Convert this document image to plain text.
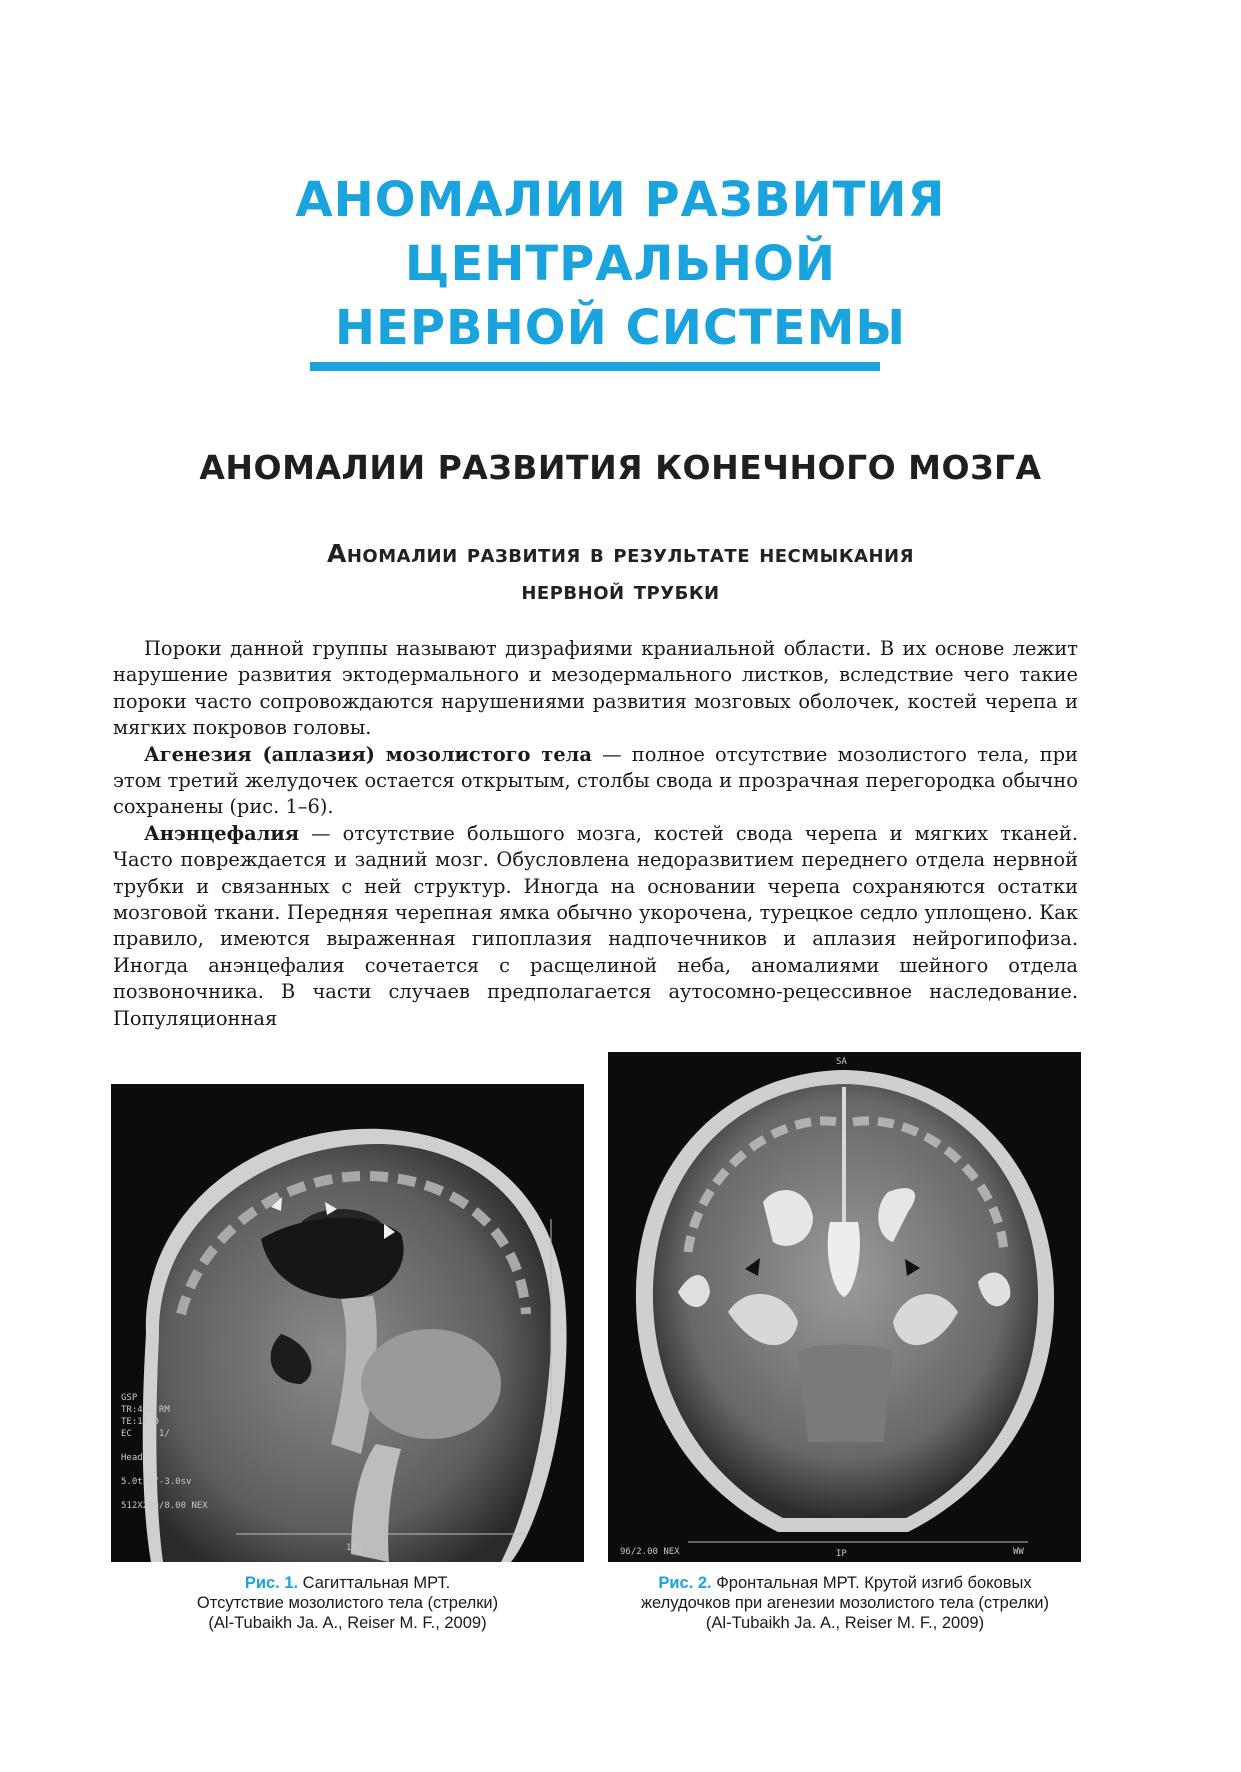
АНОМАЛИИ РАЗВИТИЯ
ЦЕНТРАЛЬНОЙ
НЕРВНОЙ СИСТЕМЫ
АНОМАЛИИ РАЗВИТИЯ КОНЕЧНОГО МОЗГА
Аномалии развития в результате несмыкания
нервной трубки

Пороки данной группы называют дизрафиями краниальной области. В их основе лежит нарушение развития эктодермального и мезодермального листков, вследствие чего такие пороки часто сопровождаются нарушениями развития мозговых оболочек, костей черепа и мягких покровов головы.

Агенезия (аплазия) мозолистого тела — полное отсутствие мозолистого тела, при этом третий желудочек остается открытым, столбы свода и прозрачная перегородка обычно сохранены (рис. 1–6).

Анэнцефалия — отсутствие большого мозга, костей свода черепа и мягких тканей. Часто повреждается и задний мозг. Обусловлена недоразвитием переднего отдела нервной трубки и связанных с ней структур. Иногда на основании черепа сохраняются остатки мозговой ткани. Передняя черепная ямка обычно укорочена, турецкое седло уплощено. Как правило, имеются выраженная гипоплазия надпочечников и аплазия нейрогипофиза. Иногда анэнцефалия сочетается с расщелиной неба, аномалиями шейного отдела позвоночника. В части случаев предполагается аутосомно-рецессивное наследование. Популяционная

GSP
TR:420 RM
TE:15.0
EC     1/

Head

5.0thk/-3.0sv

512X200/8.00 NEX
191
SA
IP
96/2.00 NEX	WW
Рис. 1. Сагиттальная МРТ.
Отсутствие мозолистого тела (стрелки)
(Al-Tubaikh Ja. A., Reiser M. F., 2009)
Рис. 2. Фронтальная МРТ. Крутой изгиб боковых
желудочков при агенезии мозолистого тела (стрелки)
(Al-Tubaikh Ja. A., Reiser M. F., 2009)
